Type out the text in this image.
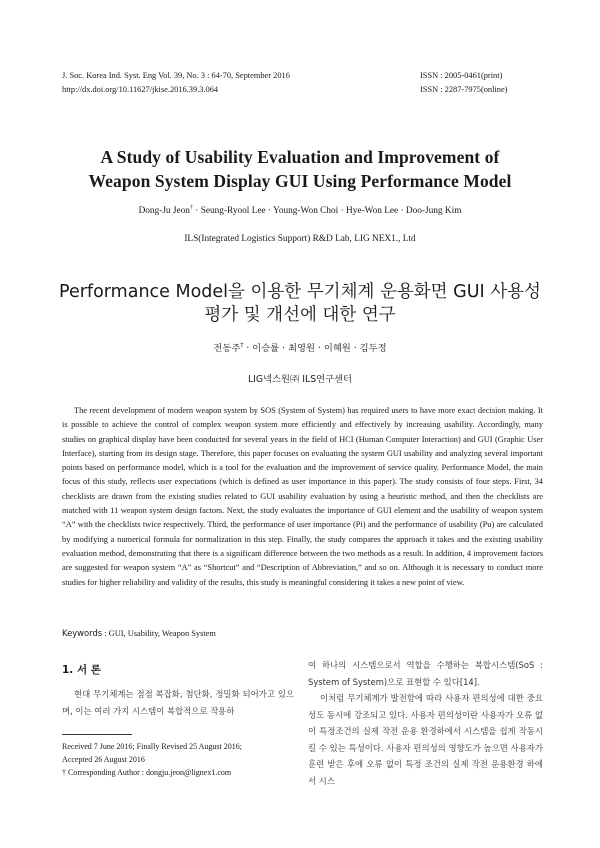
J. Soc. Korea Ind. Syst. Eng Vol. 39, No. 3 : 64-70, September 2016
http://dx.doi.org/10.11627/jkise.2016.39.3.064
ISSN : 2005-0461(print)
ISSN : 2287-7975(online)
A Study of Usability Evaluation and Improvement of
Weapon System Display GUI Using Performance Model
Dong-Ju Jeon† · Seung-Ryool Lee · Young-Won Choi · Hye-Won Lee · Doo-Jung Kim
ILS(Integrated Logistics Support) R&D Lab, LIG NEX1., Ltd
Performance Model을 이용한 무기체계 운용화면 GUI 사용성
평가 및 개선에 대한 연구
전동주† · 이승률 · 최영원 · 이혜원 · 김두정
LIG넥스원㈜ ILS연구센터

The recent development of modern weapon system by SOS (System of System) has required users to have more exact decision making. It is possible to achieve the control of complex weapon system more efficiently and effectively by increasing usability. Accordingly, many studies on graphical display have been conducted for several years in the field of HCI (Human Computer Interaction) and GUI (Graphic User Interface), starting from its design stage. Therefore, this paper focuses on evaluating the system GUI usability and analyzing several important points based on performance model, which is a tool for the evaluation and the improvement of service quality. Performance Model, the main focus of this study, reflects user expectations (which is defined as user importance in this paper). The study consists of four steps. First, 34 checklists are drawn from the existing studies related to GUI usability evaluation by using a heuristic method, and then the checklists are matched with 11 weapon system design factors. Next, the study evaluates the importance of GUI element and the usability of weapon system “A” with the checklists twice respectively. Third, the performance of user importance (Pi) and the performance of usability (Pu) are calculated by modifying a numerical formula for normalization in this step. Finally, the study compares the approach it takes and the existing usability evaluation method, demonstrating that there is a significant difference between the two methods as a result. In addition, 4 improvement factors are suggested for weapon system “A” as “Shortcut” and “Description of Abbreviation,” and so on. Although it is necessary to conduct more studies for higher reliability and validity of the results, this study is meaningful considering it takes a new point of view.

Keywords : GUI, Usability, Weapon System
1. 서 론

현대 무기체계는 점점 복잡화, 첨단화, 정밀화 되어가고 있으며, 이는 여러 가지 시스템이 복합적으로 작용하

Received 7 June 2016; Finally Revised 25 August 2016;
Accepted 26 August 2016
† Corresponding Author : dongju.jeon@lignex1.com

여 하나의 시스템으로서 역할을 수행하는 복합시스템(SoS : System of System)으로 표현할 수 있다[14].

이처럼 무기체계가 발전함에 따라 사용자 편의성에 대한 중요성도 동시에 강조되고 있다. 사용자 편의성이란 사용자가 오류 없이 특정조건의 실제 작전 운용 환경하에서 시스템을 쉽게 작동시킬 수 있는 특성이다. 사용자 편의성의 영향도가 높으면 사용자가 훈련 받은 후에 오류 없이 특정 조건의 실제 작전 운용환경 하에서 시스
